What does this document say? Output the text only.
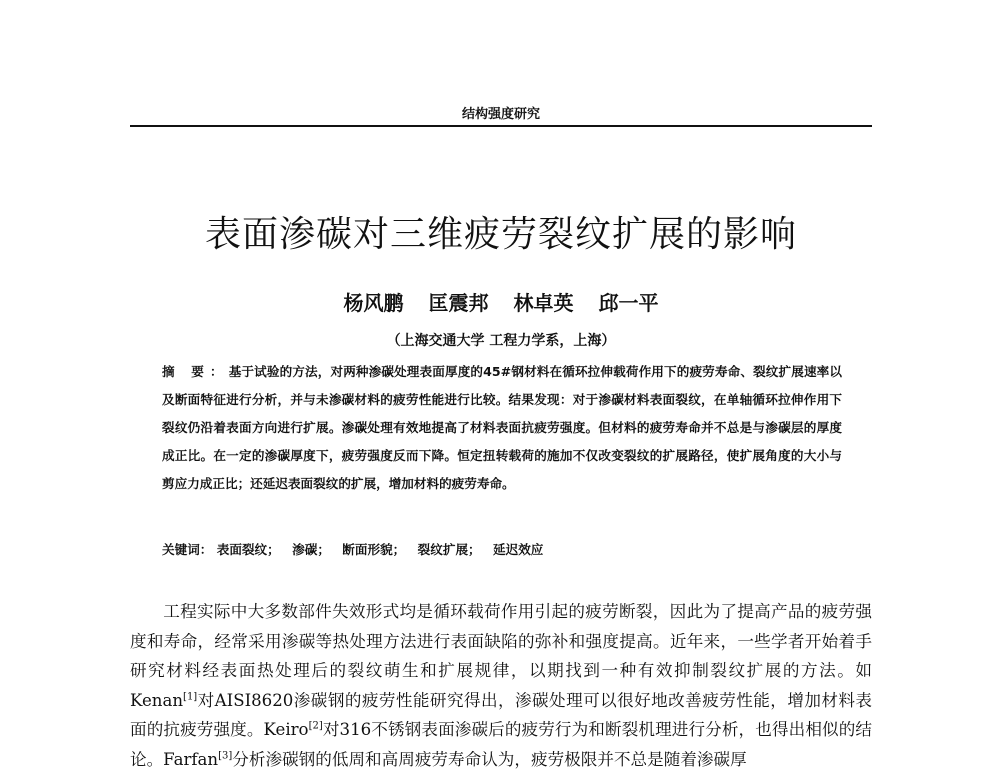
结构强度研究
表面渗碳对三维疲劳裂纹扩展的影响
杨风鹏 匡震邦 林卓英 邱一平
（上海交通大学 工程力学系，上海）
摘 要：基于试验的方法，对两种渗碳处理表面厚度的45#钢材料在循环拉伸载荷作用下的疲劳寿命、裂纹扩展速率以及断面特征进行分析，并与未渗碳材料的疲劳性能进行比较。结果发现：对于渗碳材料表面裂纹，在单轴循环拉伸作用下裂纹仍沿着表面方向进行扩展。渗碳处理有效地提高了材料表面抗疲劳强度。但材料的疲劳寿命并不总是与渗碳层的厚度成正比。在一定的渗碳厚度下，疲劳强度反而下降。恒定扭转载荷的施加不仅改变裂纹的扩展路径，使扩展角度的大小与剪应力成正比；还延迟表面裂纹的扩展，增加材料的疲劳寿命。
关键词： 表面裂纹； 渗碳； 断面形貌； 裂纹扩展； 延迟效应

工程实际中大多数部件失效形式均是循环载荷作用引起的疲劳断裂，因此为了提高产品的疲劳强度和寿命，经常采用渗碳等热处理方法进行表面缺陷的弥补和强度提高。近年来，一些学者开始着手研究材料经表面热处理后的裂纹萌生和扩展规律，以期找到一种有效抑制裂纹扩展的方法。如Kenan[1]对AISI8620渗碳钢的疲劳性能研究得出，渗碳处理可以很好地改善疲劳性能，增加材料表面的抗疲劳强度。Keiro[2]对316不锈钢表面渗碳后的疲劳行为和断裂机理进行分析，也得出相似的结论。Farfan[3]分析渗碳钢的低周和高周疲劳寿命认为，疲劳极限并不总是随着渗碳厚
